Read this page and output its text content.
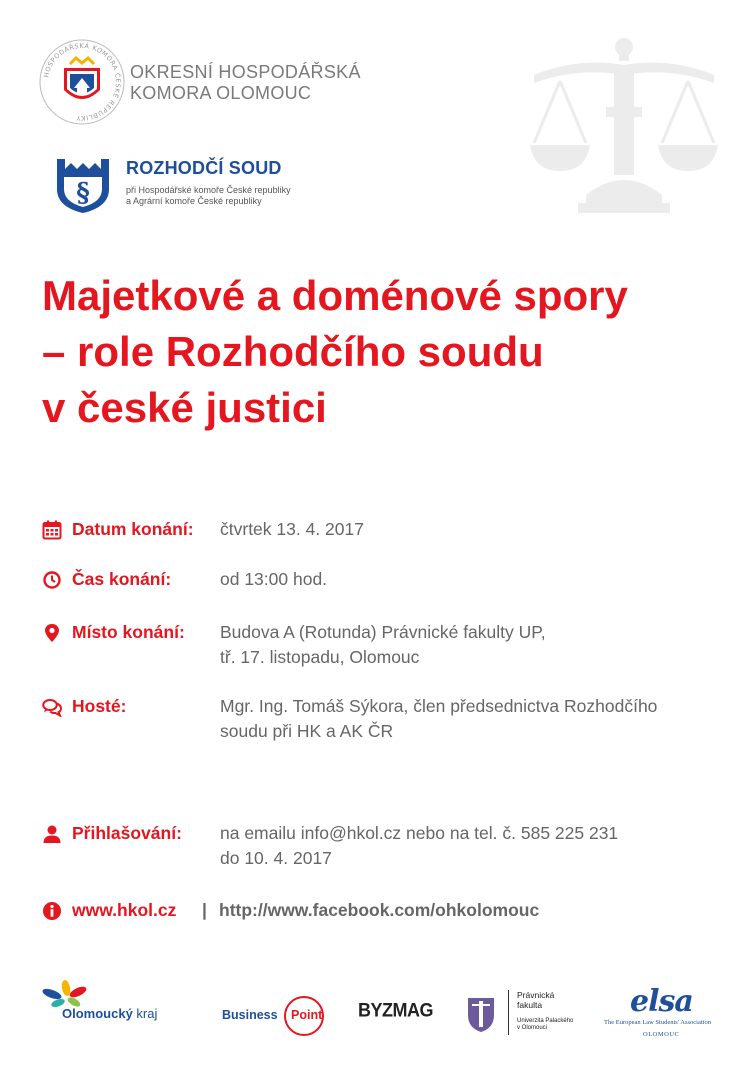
HOSPODÁŘSKÁ KOMORA ČESKÉ REPUBLIKY
OKRESNÍ HOSPODÁŘSKÁ
KOMORA OLOMOUC
§
ROZHODČÍ SOUD
při Hospodářské komoře České republiky
a Agrární komoře České republiky
Majetkové a doménové spory
– role Rozhodčího soudu
v české justici
Datum konání: čtvrtek 13. 4. 2017
Čas konání:	od 13:00 hod.
Místo konání: Budova A (Rotunda) Právnické fakulty UP,
tř. 17. listopadu, Olomouc
Hosté:	Mgr. Ing. Tomáš Sýkora, člen předsednictva Rozhodčího
soudu při HK a AK ČR
Přihlašování: na emailu info@hkol.cz nebo na tel. č. 585 225 231
do 10. 4. 2017
www.hkol.cz | http://www.facebook.com/ohkolomouc
Olomoucký kraj	Business Point BYZMAG
Právnická
fakulta
Univerzita Palackého
v Olomouci
elsa
The European Law Students' Association
OLOMOUC
